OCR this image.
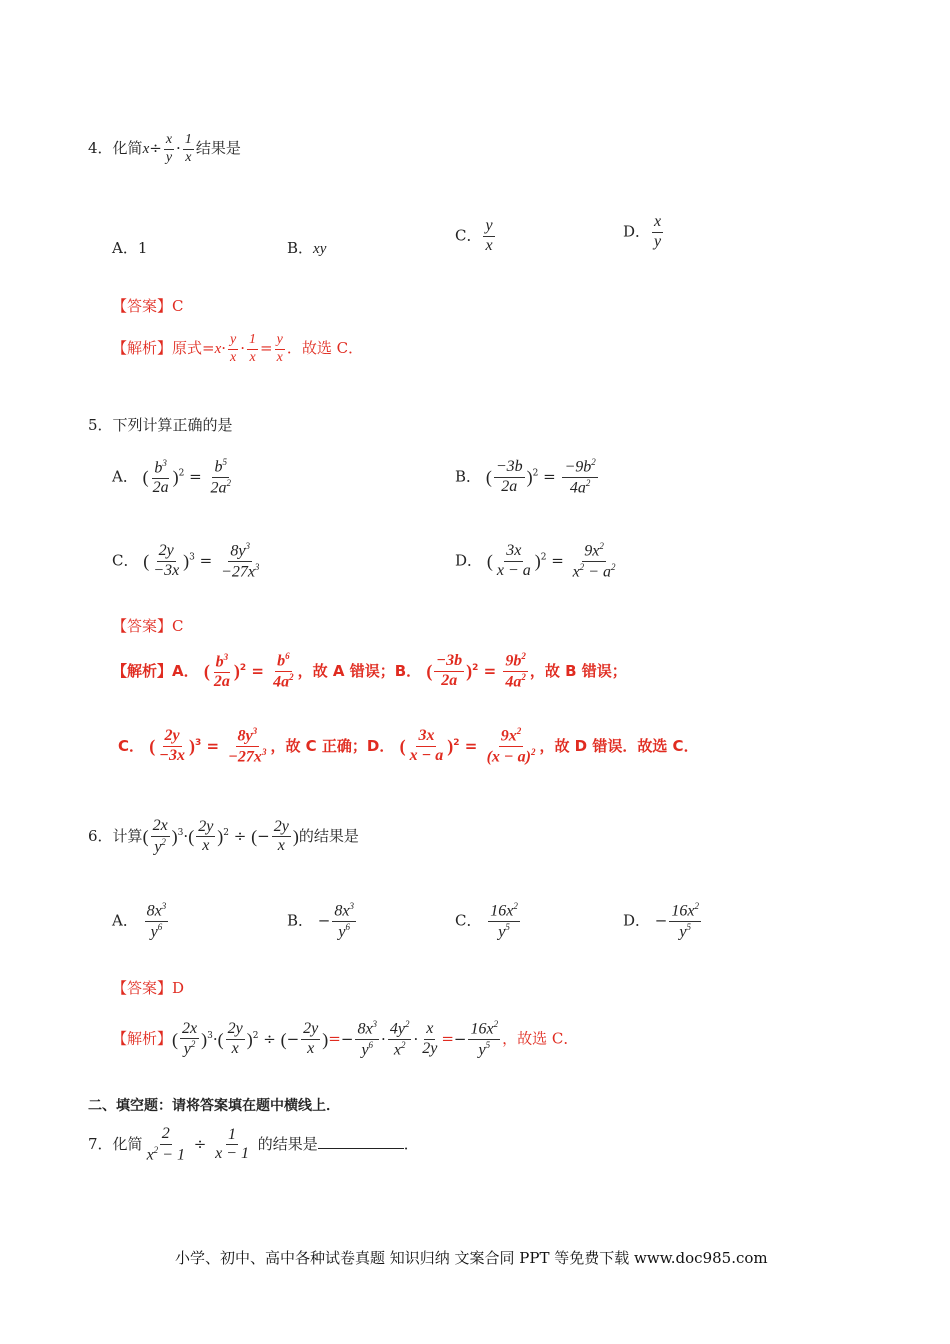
4．化简$x\div \frac{x}{y} \cdot \frac{1}{x}$ 结果是
A．1	B．xy
C． $\frac{y}{x}$	D． $\frac{x}{y}$
【答案】C
【解析】原式$=x\cdot \frac{y}{x} \cdot \frac{1}{x} = \frac{y}{x}$ ．故选 C．
5．下列计算正确的是
A． ( $\frac{b^3}{2a} )^2 = \frac{b^5}{2a^2}$	B． ( $\frac{-3b}{2a} )^2 = \frac{-9b^2}{4a^2}$
C． ( $\frac{2y}{-3x} )^3 = \frac{8y^3}{-27x^3}$	D． ( $\frac{3x}{x - a} )^2 = \frac{9x^2}{x^2 - a^2}$
【答案】C
【解析】A． ( $\frac{b^3}{2a} )^2 = \frac{b^6}{4a^2}$ ，故 A 错误；B． ( $\frac{-3b}{2a} )^2 = \frac{9b^2}{4a^2}$ ，故 B 错误；
C． ( $\frac{2y}{-3x} )^3 = \frac{8y^3}{-27x^3}$ ，故 C 正确；D． ( $\frac{3x}{x - a} )^2 = \frac{9x^2}{(x - a)^2}$ ，故 D 错误．故选 C．
6．计算( $\frac{2x}{y^2} )^3\cdot( \frac{2y}{x} )^2$ ÷ (− $\frac{2y}{x}$ )的结果是
A． $\frac{8x^3}{y^6}$	B． − $\frac{8x^3}{y^6}$	C． $\frac{16x^2}{y^5}$	D． − $\frac{16x^2}{y^5}$
【答案】D
【解析】( $\frac{2x}{y^2} )^3\cdot( \frac{2y}{x} )^2$ ÷ (− $\frac{2y}{x}$ )=− $\frac{8x^3}{y^6} \cdot \frac{4y^2}{x^2} \cdot \frac{x}{2y} =- \frac{16x^2}{y^5}$ ，故选 C．
二、填空题：请将答案填在题中横线上．
7．化简 $\frac{2}{x^2 - 1} \div \frac{1}{x - 1}$ 的结果是	．
小学、初中、高中各种试卷真题 知识归纳 文案合同 PPT 等免费下载 www.doc985.com
